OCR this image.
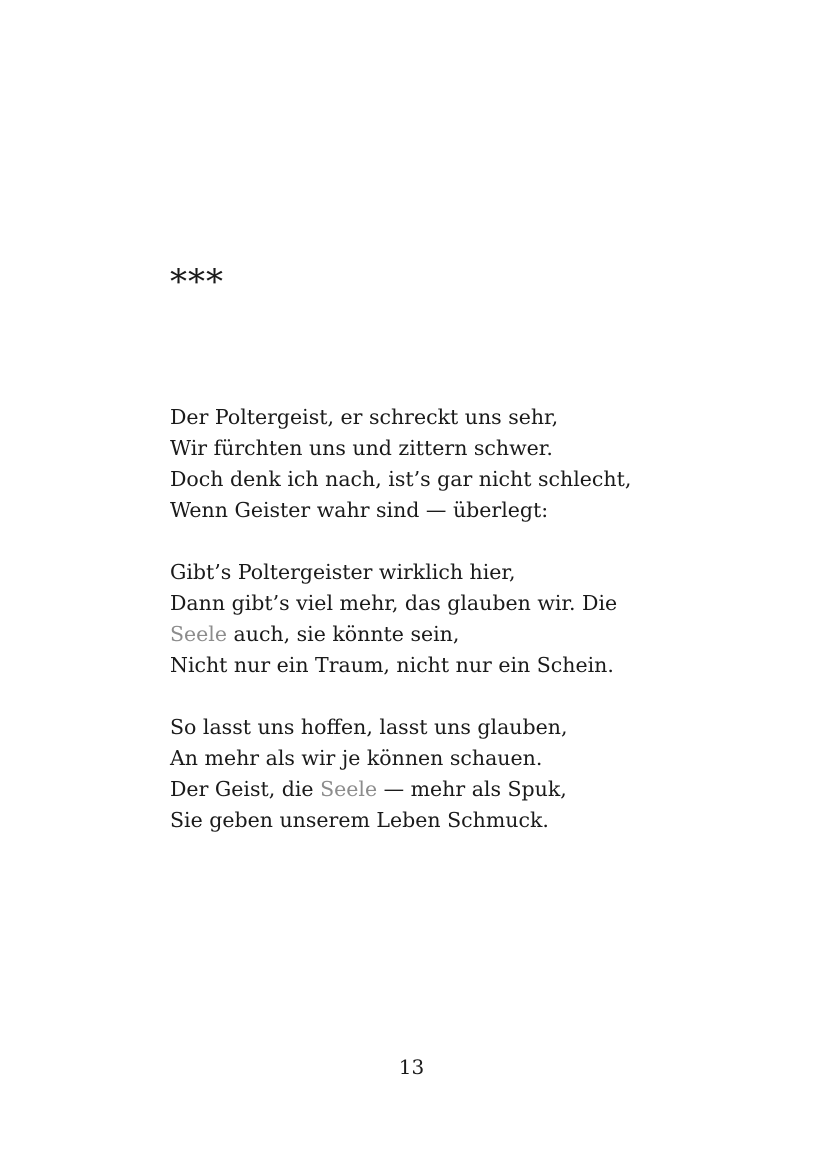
***
Der Poltergeist, er schreckt uns sehr,
Wir fürchten uns und zittern schwer.
Doch denk ich nach, ist’s gar nicht schlecht,
Wenn Geister wahr sind — überlegt:
Gibt’s Poltergeister wirklich hier,
Dann gibt’s viel mehr, das glauben wir. Die
Seele auch, sie könnte sein,
Nicht nur ein Traum, nicht nur ein Schein.
So lasst uns hoffen, lasst uns glauben,
An mehr als wir je können schauen.
Der Geist, die Seele — mehr als Spuk,
Sie geben unserem Leben Schmuck.
13
